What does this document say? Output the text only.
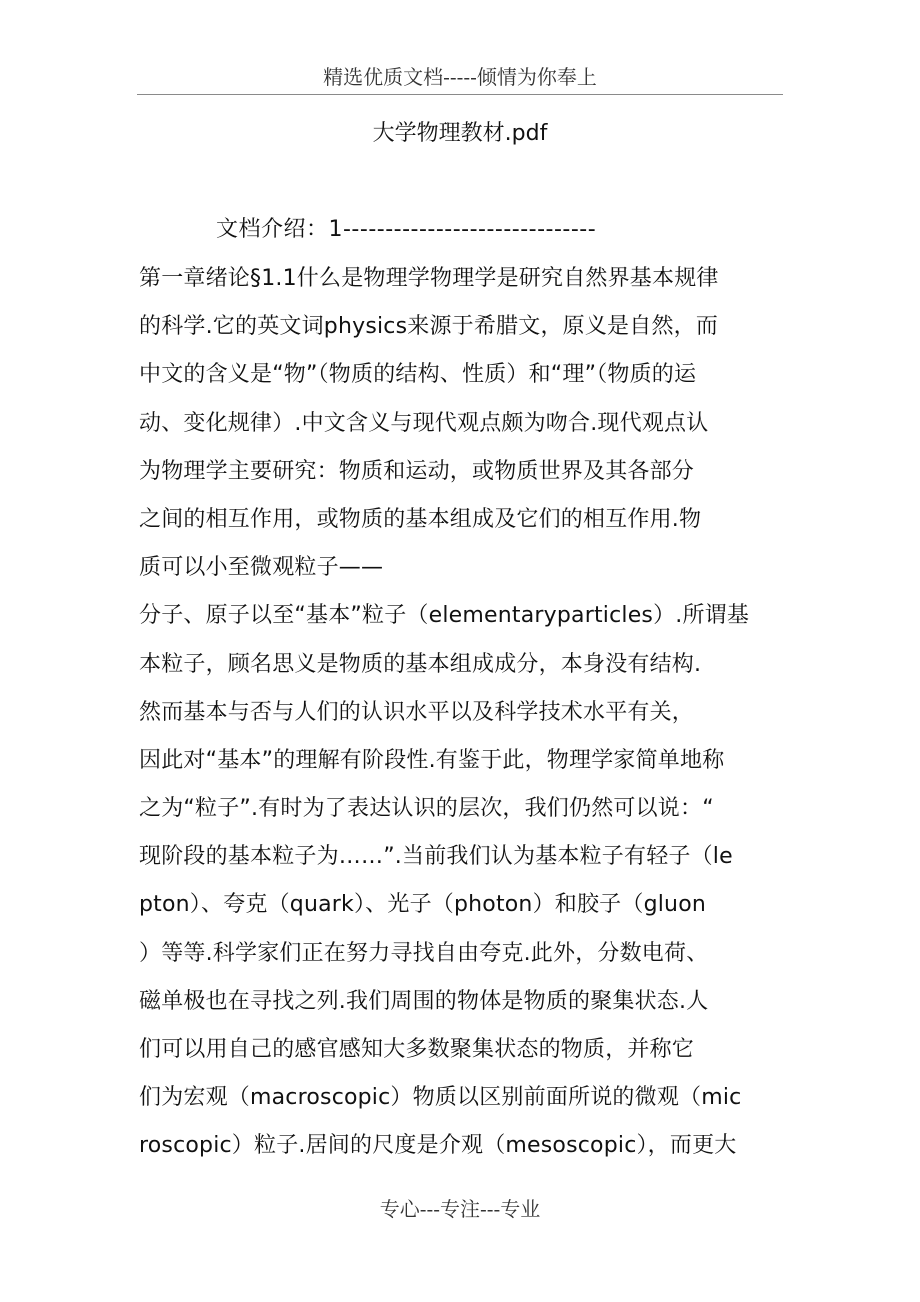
精选优质文档-----倾情为你奉上
大学物理教材.pdf
文档介绍：1------------------------------
第一章绪论§1.1什么是物理学物理学是研究自然界基本规律
的科学.它的英文词physics来源于希腊文，原义是自然，而
中文的含义是“物”（物质的结构、性质）和“理”（物质的运
动、变化规律）.中文含义与现代观点颇为吻合.现代观点认
为物理学主要研究：物质和运动，或物质世界及其各部分
之间的相互作用，或物质的基本组成及它们的相互作用.物
质可以小至微观粒子——
分子、原子以至“基本”粒子（elementaryparticles）.所谓基
本粒子，顾名思义是物质的基本组成成分，本身没有结构.
然而基本与否与人们的认识水平以及科学技术水平有关，
因此对“基本”的理解有阶段性.有鉴于此，物理学家简单地称
之为“粒子”.有时为了表达认识的层次，我们仍然可以说：“
现阶段的基本粒子为……”.当前我们认为基本粒子有轻子（le
pton）、夸克（quark）、光子（photon）和胶子（gluon
）等等.科学家们正在努力寻找自由夸克.此外，分数电荷、
磁单极也在寻找之列.我们周围的物体是物质的聚集状态.人
们可以用自己的感官感知大多数聚集状态的物质，并称它
们为宏观（macroscopic）物质以区别前面所说的微观（mic
roscopic）粒子.居间的尺度是介观（mesoscopic），而更大
专心---专注---专业
